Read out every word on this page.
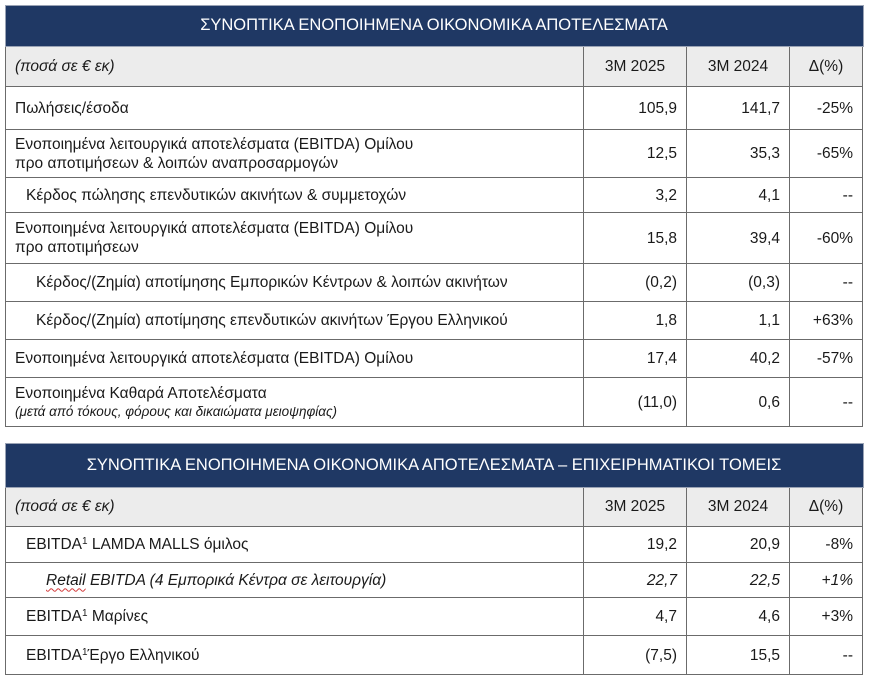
ΣΥΝΟΠΤΙΚΑ ΕΝΟΠΟΙΗΜΕΝΑ ΟΙΚΟΝΟΜΙΚΑ ΑΠΟΤΕΛΕΣΜΑΤΑ			
(ποσά σε € εκ)	3M 2025	3M 2024	Δ(%)
Πωλήσεις/έσοδα	105,9	141,7	-25%

Ενοποιημένα λειτουργικά αποτελέσματα (EBITDA) Ομίλου
προ αποτιμήσεων & λοιπών αναπροσαρμογών	12,5	35,3	-65%
Κέρδος πώλησης επενδυτικών ακινήτων & συμμετοχών	3,2	4,1	--

Ενοποιημένα λειτουργικά αποτελέσματα (EBITDA) Ομίλου
προ αποτιμήσεων	15,8	39,4	-60%
Κέρδος/(Ζημία) αποτίμησης Εμπορικών Κέντρων & λοιπών ακινήτων	(0,2)	(0,3)	--
Κέρδος/(Ζημία) αποτίμησης επενδυτικών ακινήτων Έργου Ελληνικού	1,8	1,1	+63%
Ενοποιημένα λειτουργικά αποτελέσματα (EBITDA) Ομίλου	17,4	40,2	-57%

Ενοποιημένα Καθαρά Αποτελέσματα
(μετά από τόκους, φόρους και δικαιώματα μειοψηφίας)	(11,0)	0,6	--
ΣΥΝΟΠΤΙΚΑ ΕΝΟΠΟΙΗΜΕΝΑ ΟΙΚΟΝΟΜΙΚΑ ΑΠΟΤΕΛΕΣΜΑΤΑ – ΕΠΙΧΕΙΡΗΜΑΤΙΚΟΙ ΤΟΜΕΙΣ			
(ποσά σε € εκ)	3M 2025	3M 2024	Δ(%)
EBITDA$^1$ LAMDA MALLS όμιλος	19,2	20,9	-8%
Retail EBITDA (4 Εμπορικά Κέντρα σε λειτουργία)	22,7	22,5	+1%
EBITDA$^1$ Μαρίνες	4,7	4,6	+3%
EBITDA$^1$Έργο Ελληνικού	(7,5)	15,5	--
